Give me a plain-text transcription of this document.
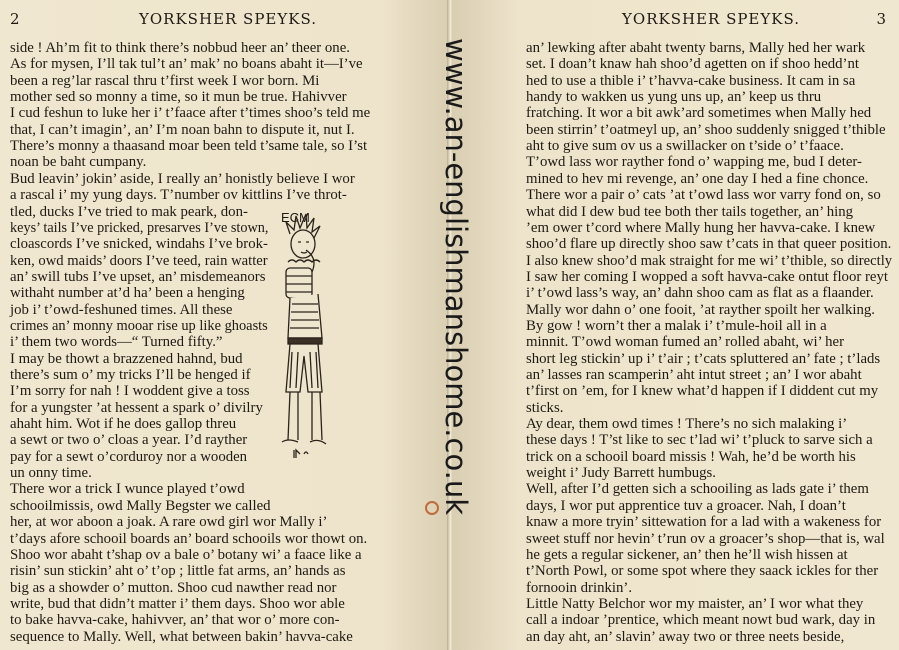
2	YORKSHER SPEYKS.
side ! Ah’m fit to think there’s nobbud heer an’ theer one.
As for mysen, I’ll tak tul’t an’ mak’ no boans abaht it—I’ve
been a reg’lar rascal thru t’first week I wor born. Mi
mother sed so monny a time, so it mun be true. Hahivver
I cud feshun to luke her i’ t’faace after t’times shoo’s teld me
that, I can’t imagin’, an’ I’m noan bahn to dispute it, nut I.
There’s monny a thaasand moar been teld t’same tale, so I’st
noan be baht cumpany.
Bud leavin’ jokin’ aside, I really an’ honistly believe I wor
a rascal i’ my yung days. T’number ov kittlins I’ve throt-
tled, ducks I’ve tried to mak peark, don-
keys’ tails I’ve pricked, presarves I’ve stown,
cloascords I’ve snicked, windahs I’ve brok-
ken, owd maids’ doors I’ve teed, rain watter
an’ swill tubs I’ve upset, an’ misdemeanors
withaht number at’d ha’ been a henging
job i’ t’owd-feshuned times. All these
crimes an’ monny mooar rise up like ghoasts
i’ them two words—“ Turned fifty.”
I may be thowt a brazzened hahnd, bud
there’s sum o’ my tricks I’ll be henged if
I’m sorry for nah ! I woddent give a toss
for a yungster ’at hessent a spark o’ divilry
ahaht him. Wot if he does gallop threu
a sewt or two o’ cloas a year. I’d rayther
pay for a sewt o’corduroy nor a wooden
un onny time.
There wor a trick I wunce played t’owd
schooilmissis, owd Mally Begster we called
her, at wor aboon a joak. A rare owd girl wor Mally i’
t’days afore schooil boards an’ board schooils wor thowt on.
Shoo wor abaht t’shap ov a bale o’ botany wi’ a faace like a
risin’ sun stickin’ aht o’ t’op ; little fat arms, an’ hands as
big as a showder o’ mutton. Shoo cud nawther read nor
write, bud that didn’t matter i’ them days. Shoo wor able
to bake havva-cake, hahivver, an’ that wor o’ more con-
sequence to Mally. Well, what between bakin’ havva-cake
ECM.
YORKSHER SPEYKS.	3
an’ lewking after abaht twenty barns, Mally hed her wark
set. I doan’t knaw hah shoo’d agetten on if shoo hedd’nt
hed to use a thible i’ t’havva-cake business. It cam in sa
handy to wakken us yung uns up, an’ keep us thru
fratching. It wor a bit awk’ard sometimes when Mally hed
been stirrin’ t’oatmeyl up, an’ shoo suddenly snigged t’thible
aht to give sum ov us a swillacker on t’side o’ t’faace.
T’owd lass wor rayther fond o’ wapping me, bud I deter-
mined to hev mi revenge, an’ one day I hed a fine chonce.
There wor a pair o’ cats ’at t’owd lass wor varry fond on, so
what did I dew bud tee both ther tails together, an’ hing
’em ower t’cord where Mally hung her havva-cake. I knew
shoo’d flare up directly shoo saw t’cats in that queer position.
I also knew shoo’d mak straight for me wi’ t’thible, so directly
I saw her coming I wopped a soft havva-cake ontut floor reyt
i’ t’owd lass’s way, an’ dahn shoo cam as flat as a flaander.
Mally wor dahn o’ one fooit, ’at rayther spoilt her walking.
By gow ! worn’t ther a malak i’ t’mule-hoil all in a
minnit. T’owd woman fumed an’ rolled abaht, wi’ her
short leg stickin’ up i’ t’air ; t’cats spluttered an’ fate ; t’lads
an’ lasses ran scamperin’ aht intut street ; an’ I wor abaht
t’first on ’em, for I knew what’d happen if I diddent cut my
sticks.
Ay dear, them owd times ! There’s no sich malaking i’
these days ! T’st like to sec t’lad wi’ t’pluck to sarve sich a
trick on a schooil board missis ! Wah, he’d be worth his
weight i’ Judy Barrett humbugs.
Well, after I’d getten sich a schooiling as lads gate i’ them
days, I wor put apprentice tuv a groacer. Nah, I doan’t
knaw a more tryin’ sittewation for a lad with a wakeness for
sweet stuff nor hevin’ t’run ov a groacer’s shop—that is, wal
he gets a regular sickener, an’ then he’ll wish hissen at
t’North Powl, or some spot where they saack ickles for ther
fornooin drinkin’.
Little Natty Belchor wor my maister, an’ I wor what they
call a indoar ’prentice, which meant nowt bud wark, day in
an day aht, an’ slavin’ away two or three neets beside,
www.an-englishmanshome.co.uk
